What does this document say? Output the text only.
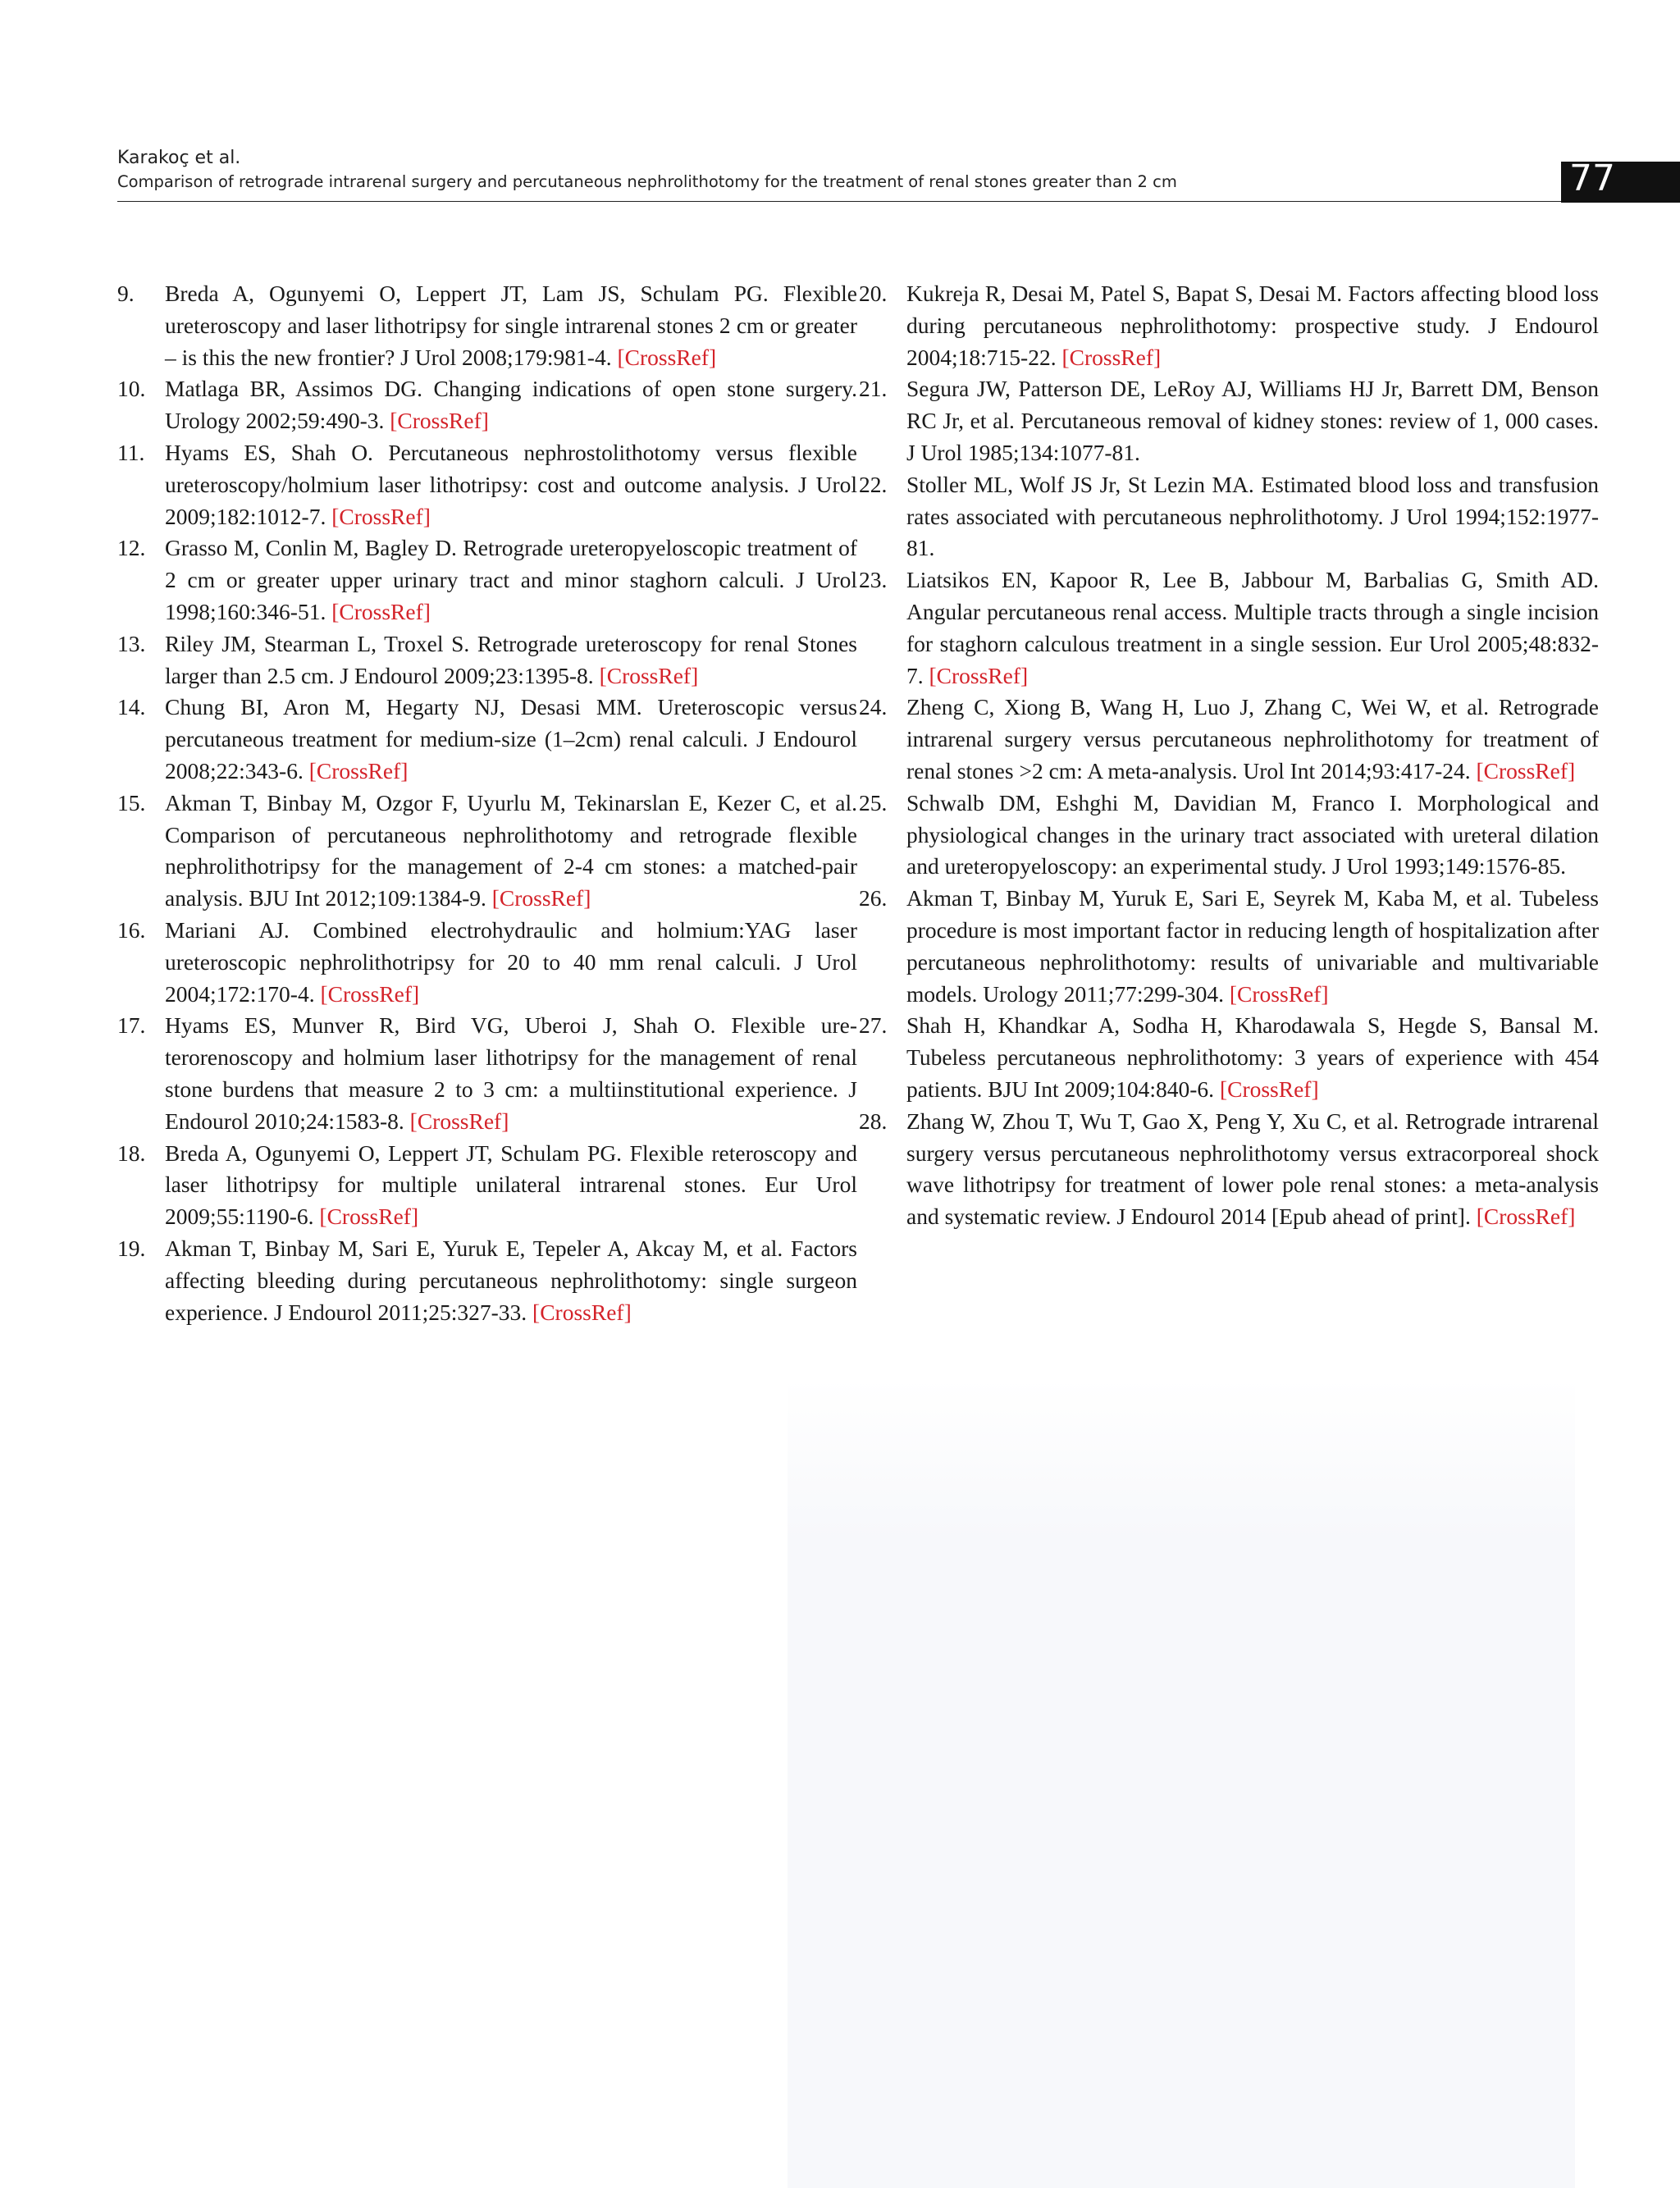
Karakoç et al.
Comparison of retrograde intrarenal surgery and percutaneous nephrolithotomy for the treatment of renal stones greater than 2 cm	77
9. Breda A, Ogunyemi O, Leppert JT, Lam JS, Schulam PG. Flexible ureteroscopy and laser lithotripsy for single intrarenal stones 2 cm or greater – is this the new frontier? J Urol 2008;179:981-4. [CrossRef]
10. Matlaga BR, Assimos DG. Changing indications of open stone surgery. Urology 2002;59:490-3. [CrossRef]
11. Hyams ES, Shah O. Percutaneous nephrostolithotomy versus flexible ureteroscopy/holmium laser lithotripsy: cost and outcome analysis. J Urol 2009;182:1012-7. [CrossRef]
12. Grasso M, Conlin M, Bagley D. Retrograde ureteropyeloscopic treatment of 2 cm or greater upper urinary tract and minor staghorn calculi. J Urol 1998;160:346-51. [CrossRef]
13. Riley JM, Stearman L, Troxel S. Retrograde ureteroscopy for renal Stones larger than 2.5 cm. J Endourol 2009;23:1395-8. [CrossRef]
14. Chung BI, Aron M, Hegarty NJ, Desasi MM. Ureteroscopic versus percutaneous treatment for medium-size (1–2cm) renal calculi. J Endourol 2008;22:343-6. [CrossRef]
15. Akman T, Binbay M, Ozgor F, Uyurlu M, Tekinarslan E, Kezer C, et al. Comparison of percutaneous nephrolithotomy and retrograde flexible nephrolithotripsy for the management of 2-4 cm stones: a matched-pair analysis. BJU Int 2012;109:1384-9. [CrossRef]
16. Mariani AJ. Combined electrohydraulic and holmium:YAG laser ureteroscopic nephrolithotripsy for 20 to 40 mm renal calculi. J Urol 2004;172:170-4. [CrossRef]
17. Hyams ES, Munver R, Bird VG, Uberoi J, Shah O. Flexible ureterorenoscopy and holmium laser lithotripsy for the management of renal stone burdens that measure 2 to 3 cm: a multiinstitutional experience. J Endourol 2010;24:1583-8. [CrossRef]
18. Breda A, Ogunyemi O, Leppert JT, Schulam PG. Flexible reteroscopy and laser lithotripsy for multiple unilateral intrarenal stones. Eur Urol 2009;55:1190-6. [CrossRef]
19. Akman T, Binbay M, Sari E, Yuruk E, Tepeler A, Akcay M, et al. Factors affecting bleeding during percutaneous nephrolithotomy: single surgeon experience. J Endourol 2011;25:327-33. [CrossRef]
20. Kukreja R, Desai M, Patel S, Bapat S, Desai M. Factors affecting blood loss during percutaneous nephrolithotomy: prospective study. J Endourol 2004;18:715-22. [CrossRef]
21. Segura JW, Patterson DE, LeRoy AJ, Williams HJ Jr, Barrett DM, Benson RC Jr, et al. Percutaneous removal of kidney stones: review of 1, 000 cases. J Urol 1985;134:1077-81.
22. Stoller ML, Wolf JS Jr, St Lezin MA. Estimated blood loss and transfusion rates associated with percutaneous nephrolithotomy. J Urol 1994;152:1977-81.
23. Liatsikos EN, Kapoor R, Lee B, Jabbour M, Barbalias G, Smith AD. Angular percutaneous renal access. Multiple tracts through a single incision for staghorn calculous treatment in a single session. Eur Urol 2005;48:832-7. [CrossRef]
24. Zheng C, Xiong B, Wang H, Luo J, Zhang C, Wei W, et al. Retrograde intrarenal surgery versus percutaneous nephrolithotomy for treatment of renal stones >2 cm: A meta-analysis. Urol Int 2014;93:417-24. [CrossRef]
25. Schwalb DM, Eshghi M, Davidian M, Franco I. Morphological and physiological changes in the urinary tract associated with ureteral dilation and ureteropyeloscopy: an experimental study. J Urol 1993;149:1576-85.
26. Akman T, Binbay M, Yuruk E, Sari E, Seyrek M, Kaba M, et al. Tubeless procedure is most important factor in reducing length of hospitalization after percutaneous nephrolithotomy: results of univariable and multivariable models. Urology 2011;77:299-304. [CrossRef]
27. Shah H, Khandkar A, Sodha H, Kharodawala S, Hegde S, Bansal M. Tubeless percutaneous nephrolithotomy: 3 years of experience with 454 patients. BJU Int 2009;104:840-6. [CrossRef]
28. Zhang W, Zhou T, Wu T, Gao X, Peng Y, Xu C, et al. Retrograde intrarenal surgery versus percutaneous nephrolithotomy versus extracorporeal shock wave lithotripsy for treatment of lower pole renal stones: a meta-analysis and systematic review. J Endourol 2014 [Epub ahead of print]. [CrossRef]
